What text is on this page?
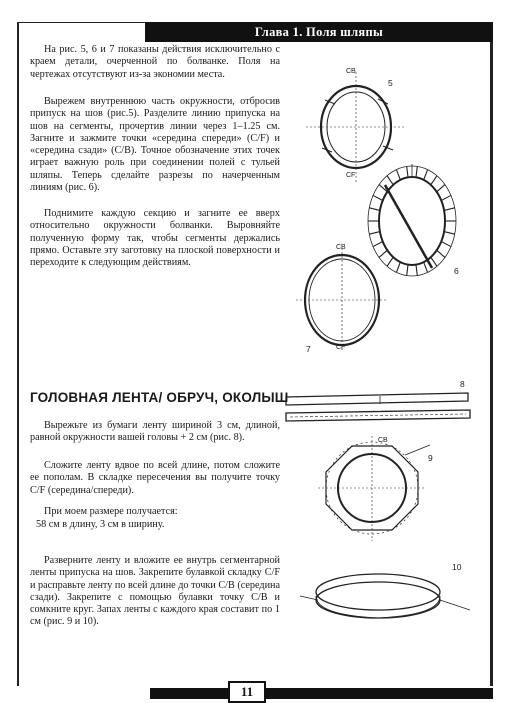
Глава 1. Поля шляпы
На рис. 5, 6 и 7 показаны действия исключительно с краем детали, очерченной по болванке. Поля на чертежах отсутствуют из-за экономии места.
Вырежем внутреннюю часть окружности, отбросив припуск на шов (рис.5). Разделите линию припуска на шов на сегменты, прочертив линии через 1–1.25 см. Загните и зажмите точки «середина спереди» (С/F) и «середина сзади» (С/В). Точное обозначение этих точек играет важную роль при соединении полей с тульей шляпы. Теперь сделайте разрезы по начерченным линиям (рис. 6).
Поднимите каждую секцию и загните ее вверх относительно окружности болванки. Выровняйте полученную форму так, чтобы сегменты держались прямо. Оставьте эту заготовку на плоской поверхности и переходите к следующим действиям.
ГОЛОВНАЯ ЛЕНТА/ ОБРУЧ, ОКОЛЫШ
Вырежьте из бумаги ленту шириной 3 см, длиной, равной окружности вашей головы + 2 см (рис. 8).
Сложите ленту вдвое по всей длине, потом сложите ее пополам. В складке пересечения вы получите точку С/F (середина/спереди).
При моем размере получается:
58 см в длину, 3 см в ширину.
Разверните ленту и вложите ее внутрь сегментарной ленты припуска на шов. Закрепите булавкой складку С/F и расправьте ленту по всей длине до точки С/В (середина сзади). Закрепите с помощью булавки точку С/В и сомкните круг. Запах ленты с каждого края составит по 1 см (рис. 9 и 10).
5
6
7
8
9
10
CB
CF
CB
CF
CB
11
